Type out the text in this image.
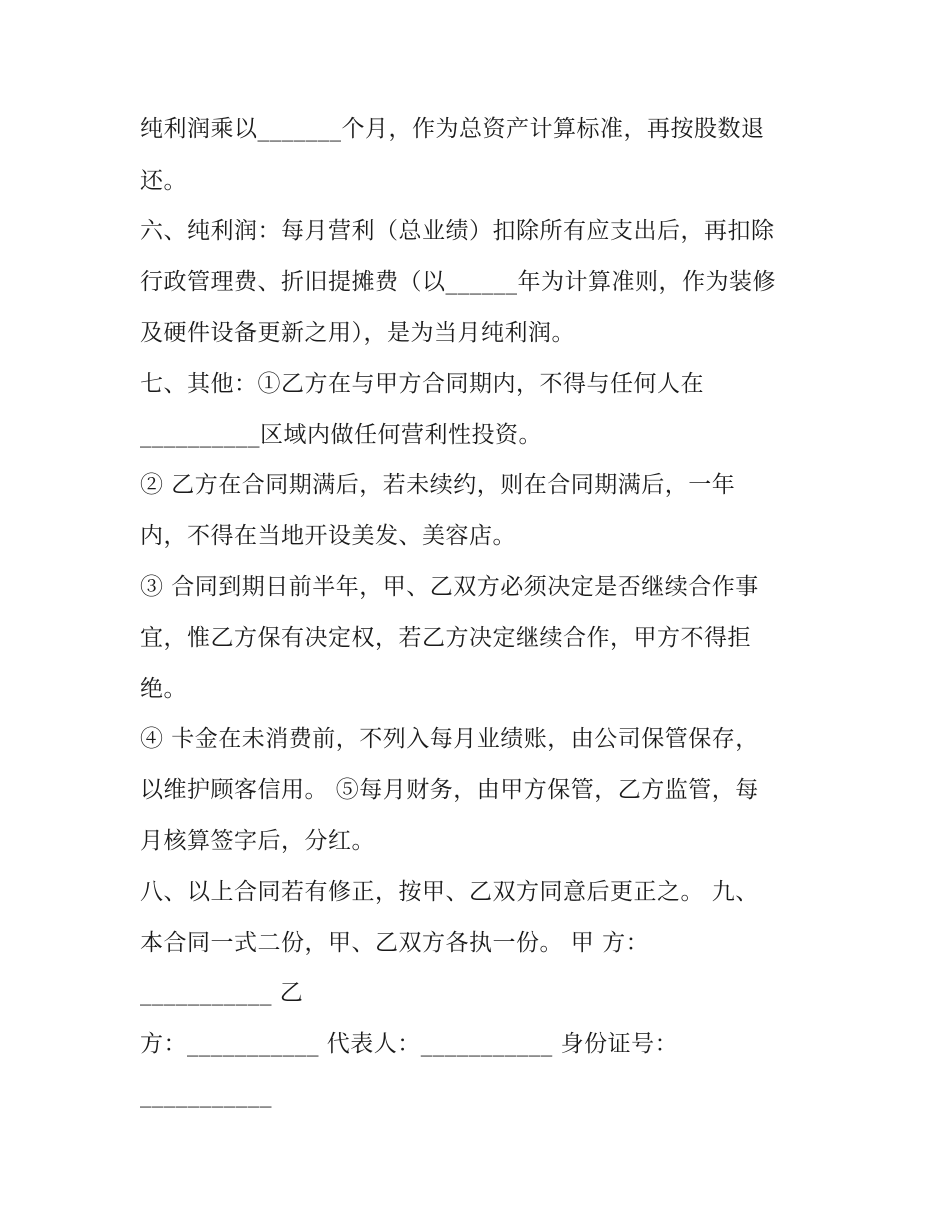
纯利润乘以_______个月，作为总资产计算标准，再按股数退
还。
六、纯利润：每月营利（总业绩）扣除所有应支出后，再扣除
行政管理费、折旧提摊费（以______年为计算准则，作为装修
及硬件设备更新之用），是为当月纯利润。
七、其他：①乙方在与甲方合同期内，不得与任何人在
__________区域内做任何营利性投资。
② 乙方在合同期满后，若未续约，则在合同期满后，一年
内，不得在当地开设美发、美容店。
③ 合同到期日前半年，甲、乙双方必须决定是否继续合作事
宜，惟乙方保有决定权，若乙方决定继续合作，甲方不得拒
绝。
④ 卡金在未消费前，不列入每月业绩账，由公司保管保存，
以维护顾客信用。 ⑤每月财务，由甲方保管，乙方监管，每
月核算签字后，分红。
八、以上合同若有修正，按甲、乙双方同意后更正之。 九、
本合同一式二份，甲、乙双方各执一份。 甲 方：
___________ 乙
方：___________ 代表人：___________ 身份证号：
___________
